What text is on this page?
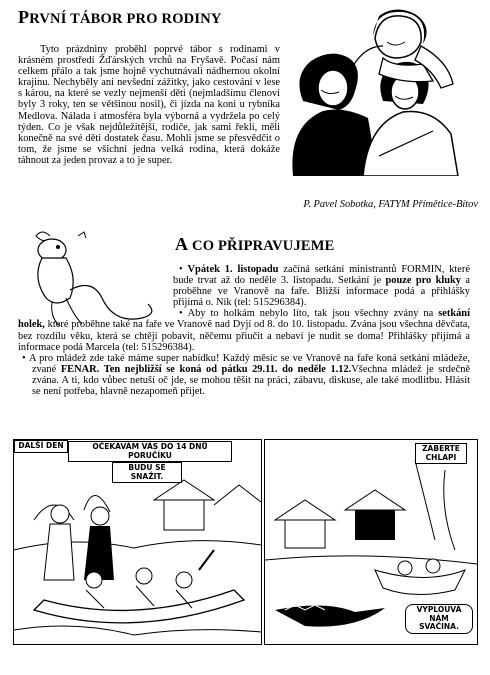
PRVNÍ TÁBOR PRO RODINY

Tyto prázdniny proběhl poprvé tábor s rodinami v krásném prostředí Žďárských vrchů na Fryšavě. Počasí nám celkem přálo a tak jsme hojně vychutnávali nádhernou okolní krajinu. Nechyběly ani nevšední zážitky, jako cestování v lese s károu, na které se vezly nejmenší děti (nejmladšímu členovi byly 3 roky, ten se většinou nosil), či jízda na koni u rybníka Medlova. Nálada i atmosféra byla výborná a vydržela po celý týden. Co je však nejdůležitější, rodiče, jak sami řekli, měli konečně na své děti dostatek času. Mohli jsme se přesvědčit o tom, že jsme se všichni jedna velká rodina, která dokáže táhnout za jeden provaz a to je super.

P. Pavel Sobotka, FATYM Přímětice-Bítov
A CO PŘIPRAVUJEME

• Vpátek 1. listopadu začíná setkání ministrantů FORMIN, které bude trvat až do neděle 3. listopadu. Setkání je pouze pro kluky a proběhne ve Vranově na faře. Bližší informace podá a přihlášky přijímá o. Nik (tel: 515296384).

• Aby to holkám nebylo líto, tak jsou všechny zvány na setkání holek, které proběhne také na faře ve Vranově nad Dyjí od 8. do 10. listopadu. Zvána jsou všechna děvčata, bez rozdílu věku, která se chtějí pobavit, něčemu přiučit a nebaví je nudit se doma! Přihlášky přijímá a informace podá Marcela (tel: 515296384).

• A pro mládež zde také máme super nabídku! Každý měsíc se ve Vranově na faře koná setkání mládeže, zvané FENAR. Ten nejbližší se koná od pátku 29.11. do neděle 1.12.Všechna mládež je srdečně zvána. A ti, kdo vůbec netuší oč jde, se mohou těšit na práci, zábavu, diskuse, ale také modlitbu. Hlásit se není potřeba, hlavně nezapomeň přijet.

DALŠÍ DEN	OČEKÁVÁM VÁS DO 14 DNŮ PORUČÍKU
BUDU SE SNAŽIT.
ZABERTE CHLAPI
VYPLOUVÁ NÁM SVAČINA.
